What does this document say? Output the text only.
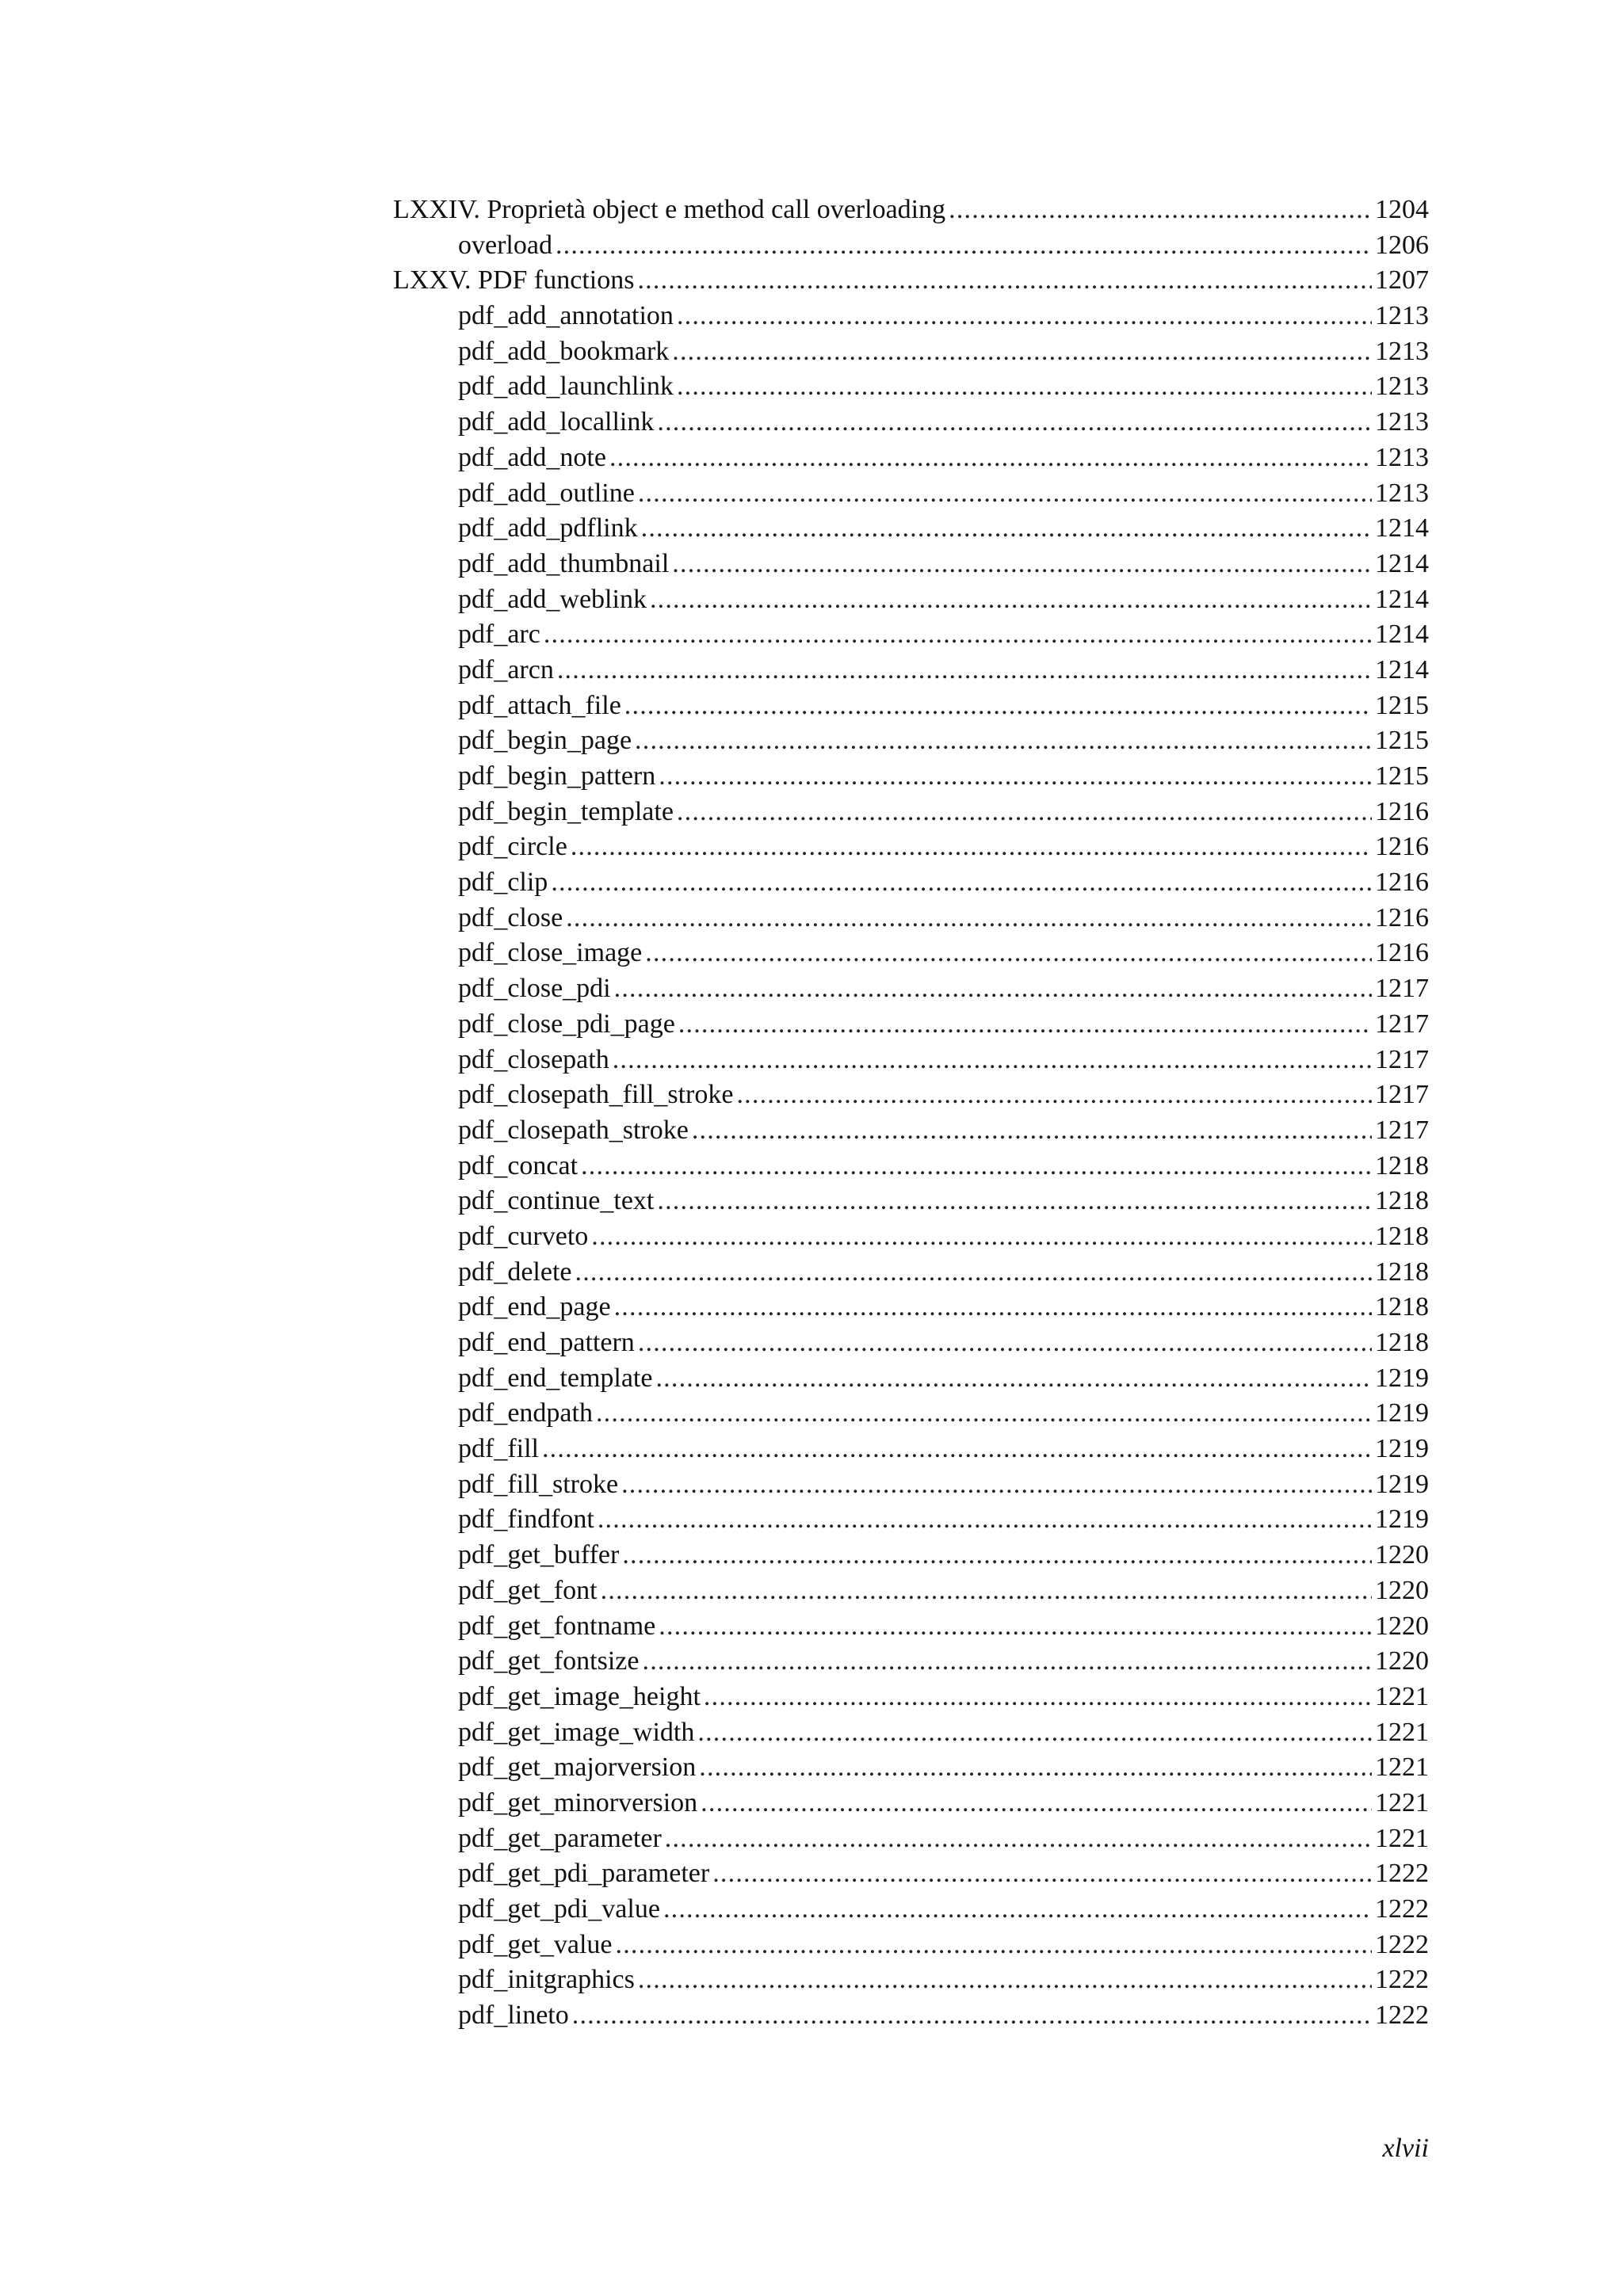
LXXIV. Proprietà object e method call overloading .....	1204
overload .....	1206
LXXV. PDF functions .....	1207
pdf_add_annotation .....	1213
pdf_add_bookmark .....	1213
pdf_add_launchlink .....	1213
pdf_add_locallink .....	1213
pdf_add_note .....	1213
pdf_add_outline .....	1213
pdf_add_pdflink .....	1214
pdf_add_thumbnail .....	1214
pdf_add_weblink .....	1214
pdf_arc .....	1214
pdf_arcn .....	1214
pdf_attach_file .....	1215
pdf_begin_page .....	1215
pdf_begin_pattern .....	1215
pdf_begin_template .....	1216
pdf_circle .....	1216
pdf_clip .....	1216
pdf_close .....	1216
pdf_close_image .....	1216
pdf_close_pdi .....	1217
pdf_close_pdi_page .....	1217
pdf_closepath .....	1217
pdf_closepath_fill_stroke .....	1217
pdf_closepath_stroke .....	1217
pdf_concat .....	1218
pdf_continue_text .....	1218
pdf_curveto .....	1218
pdf_delete .....	1218
pdf_end_page .....	1218
pdf_end_pattern .....	1218
pdf_end_template .....	1219
pdf_endpath .....	1219
pdf_fill .....	1219
pdf_fill_stroke .....	1219
pdf_findfont .....	1219
pdf_get_buffer .....	1220
pdf_get_font .....	1220
pdf_get_fontname .....	1220
pdf_get_fontsize .....	1220
pdf_get_image_height .....	1221
pdf_get_image_width .....	1221
pdf_get_majorversion .....	1221
pdf_get_minorversion .....	1221
pdf_get_parameter .....	1221
pdf_get_pdi_parameter .....	1222
pdf_get_pdi_value .....	1222
pdf_get_value .....	1222
pdf_initgraphics .....	1222
pdf_lineto .....	1222
xlvii
